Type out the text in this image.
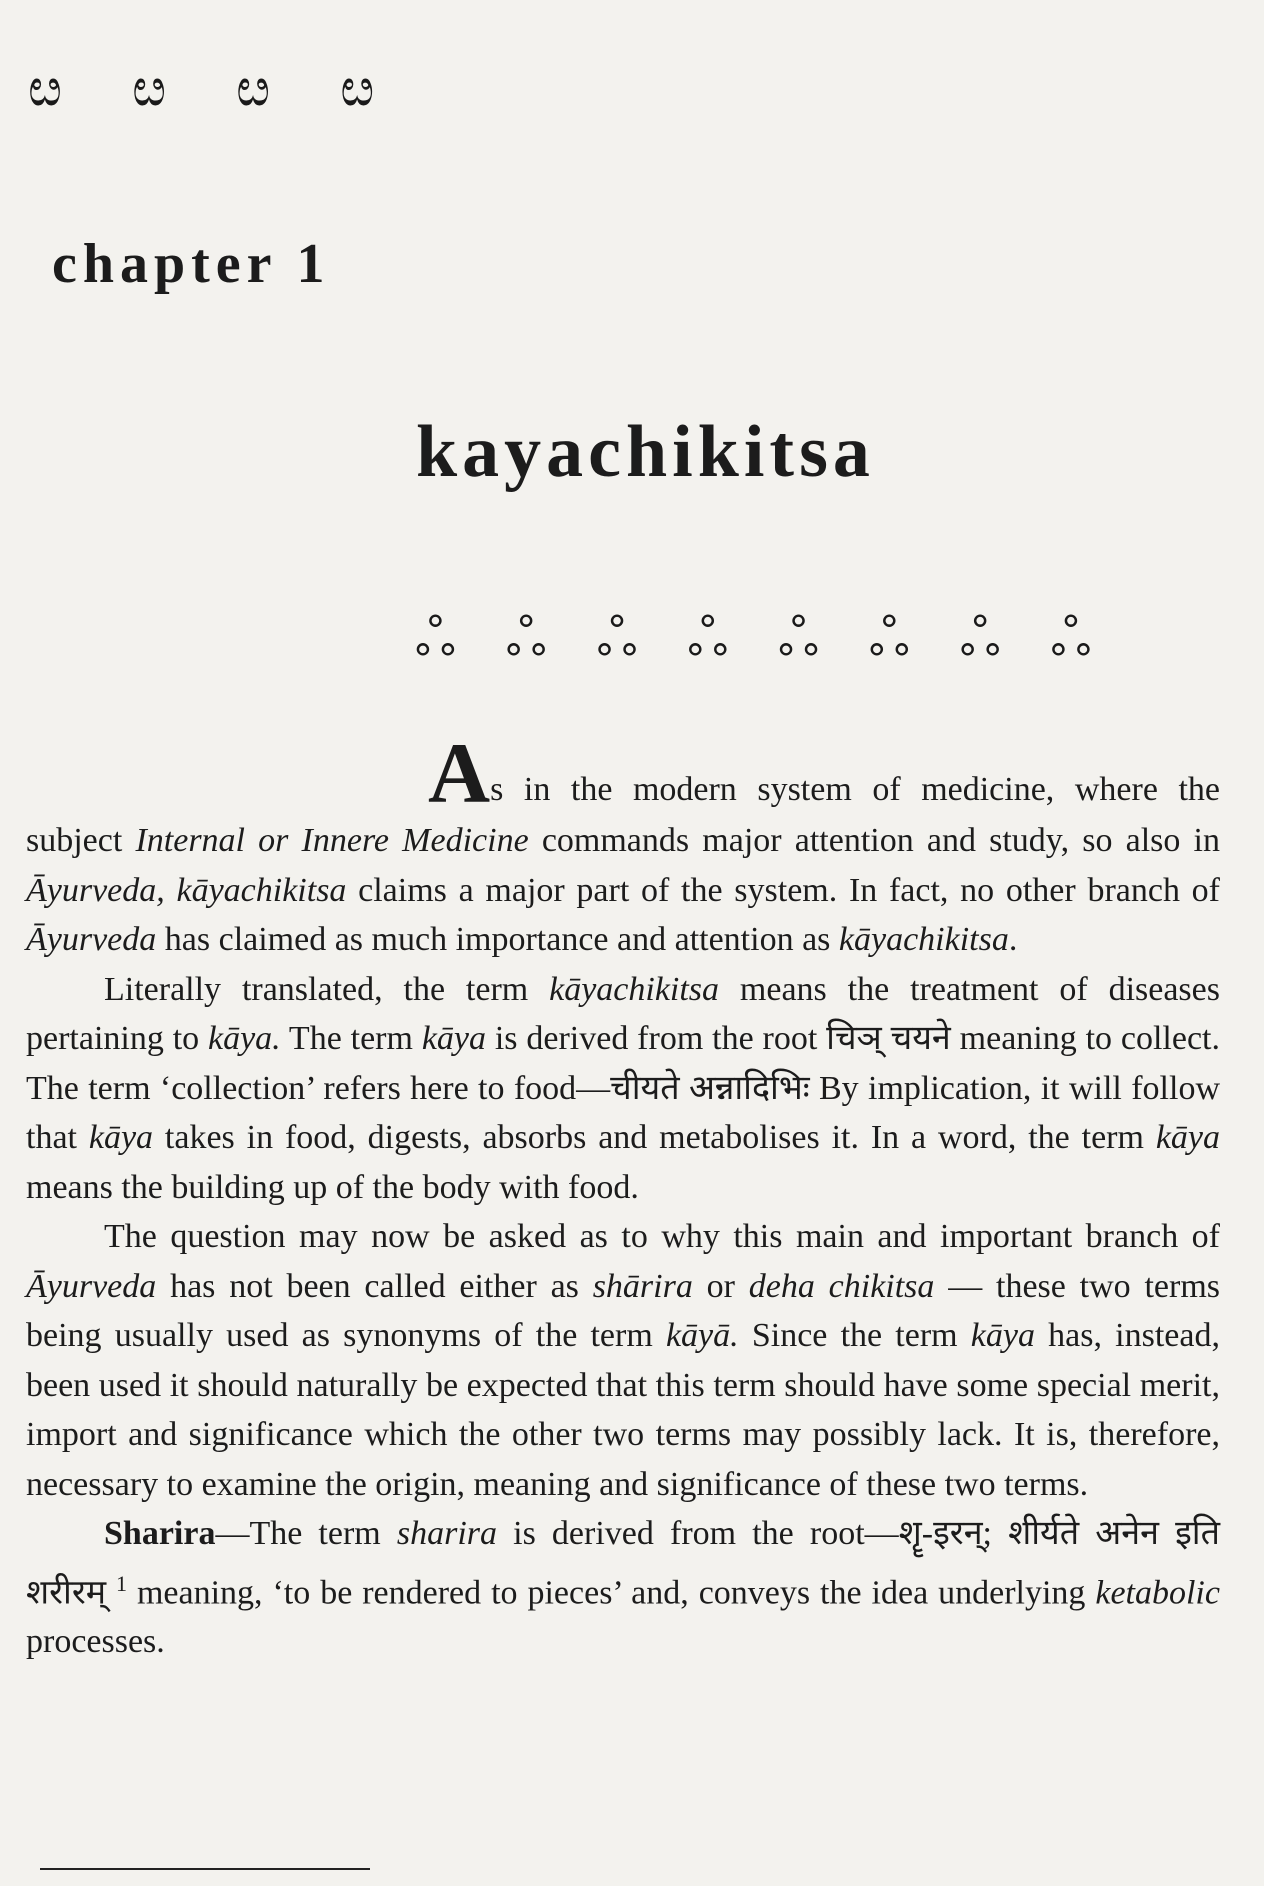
ೞ ೞ ೞ ೞ
chapter 1
kayachikitsa
ஃ ஃ ஃ ஃ ஃ ஃ ஃ ஃ

As in the modern system of medicine, where the subject Internal or Innere Medicine commands major attention and study, so also in Āyurveda, kāyachikitsa claims a major part of the system. In fact, no other branch of Āyurveda has claimed as much importance and attention as kāyachikitsa.

Literally translated, the term kāyachikitsa means the treatment of diseases pertaining to kāya. The term kāya is derived from the root चिञ् चयने meaning to collect. The term ‘collection’ refers here to food—चीयते अन्नादिभिः By implication, it will follow that kāya takes in food, digests, absorbs and metabolises it. In a word, the term kāya means the building up of the body with food.

The question may now be asked as to why this main and important branch of Āyurveda has not been called either as shārira or deha chikitsa — these two terms being usually used as synonyms of the term kāyā. Since the term kāya has, instead, been used it should naturally be expected that this term should have some special merit, import and significance which the other two terms may possibly lack. It is, therefore, necessary to examine the origin, meaning and significance of these two terms.

Sharira—The term sharira is derived from the root—शॄ-इरन्; शीर्यते अनेन इति शरीरम् $^1$ meaning, ‘to be rendered to pieces’ and, conveys the idea underlying ketabolic processes.
